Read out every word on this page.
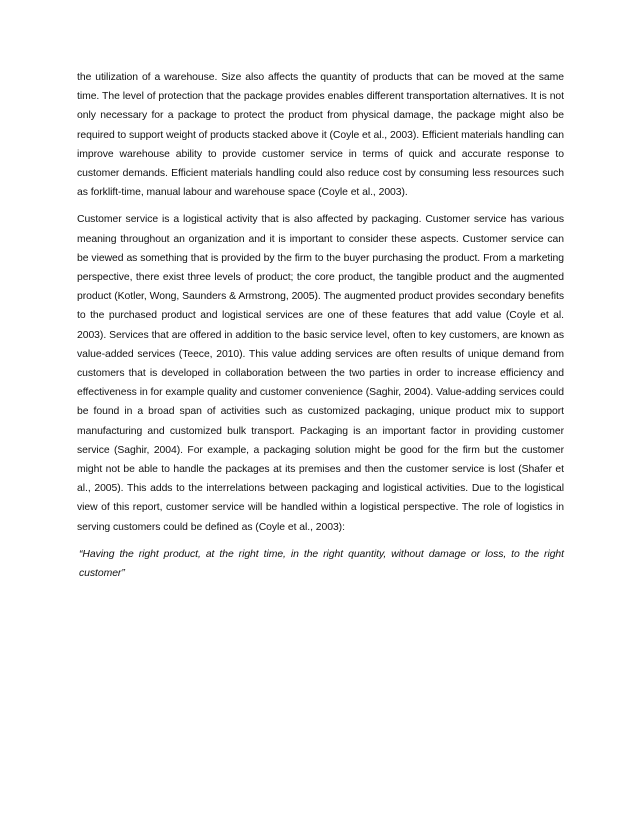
the utilization of a warehouse. Size also affects the quantity of products that can be moved at the same time. The level of protection that the package provides enables different transportation alternatives. It is not only necessary for a package to protect the product from physical damage, the package might also be required to support weight of products stacked above it (Coyle et al., 2003). Efficient materials handling can improve warehouse ability to provide customer service in terms of quick and accurate response to customer demands. Efficient materials handling could also reduce cost by consuming less resources such as forklift-time, manual labour and warehouse space (Coyle et al., 2003).

Customer service is a logistical activity that is also affected by packaging. Customer service has various meaning throughout an organization and it is important to consider these aspects. Customer service can be viewed as something that is provided by the firm to the buyer purchasing the product. From a marketing perspective, there exist three levels of product; the core product, the tangible product and the augmented product (Kotler, Wong, Saunders & Armstrong, 2005). The augmented product provides secondary benefits to the purchased product and logistical services are one of these features that add value (Coyle et al. 2003). Services that are offered in addition to the basic service level, often to key customers, are known as value-added services (Teece, 2010). This value adding services are often results of unique demand from customers that is developed in collaboration between the two parties in order to increase efficiency and effectiveness in for example quality and customer convenience (Saghir, 2004). Value-adding services could be found in a broad span of activities such as customized packaging, unique product mix to support manufacturing and customized bulk transport. Packaging is an important factor in providing customer service (Saghir, 2004). For example, a packaging solution might be good for the firm but the customer might not be able to handle the packages at its premises and then the customer service is lost (Shafer et al., 2005). This adds to the interrelations between packaging and logistical activities. Due to the logistical view of this report, customer service will be handled within a logistical perspective. The role of logistics in serving customers could be defined as (Coyle et al., 2003):

“Having the right product, at the right time, in the right quantity, without damage or loss, to the right customer”
